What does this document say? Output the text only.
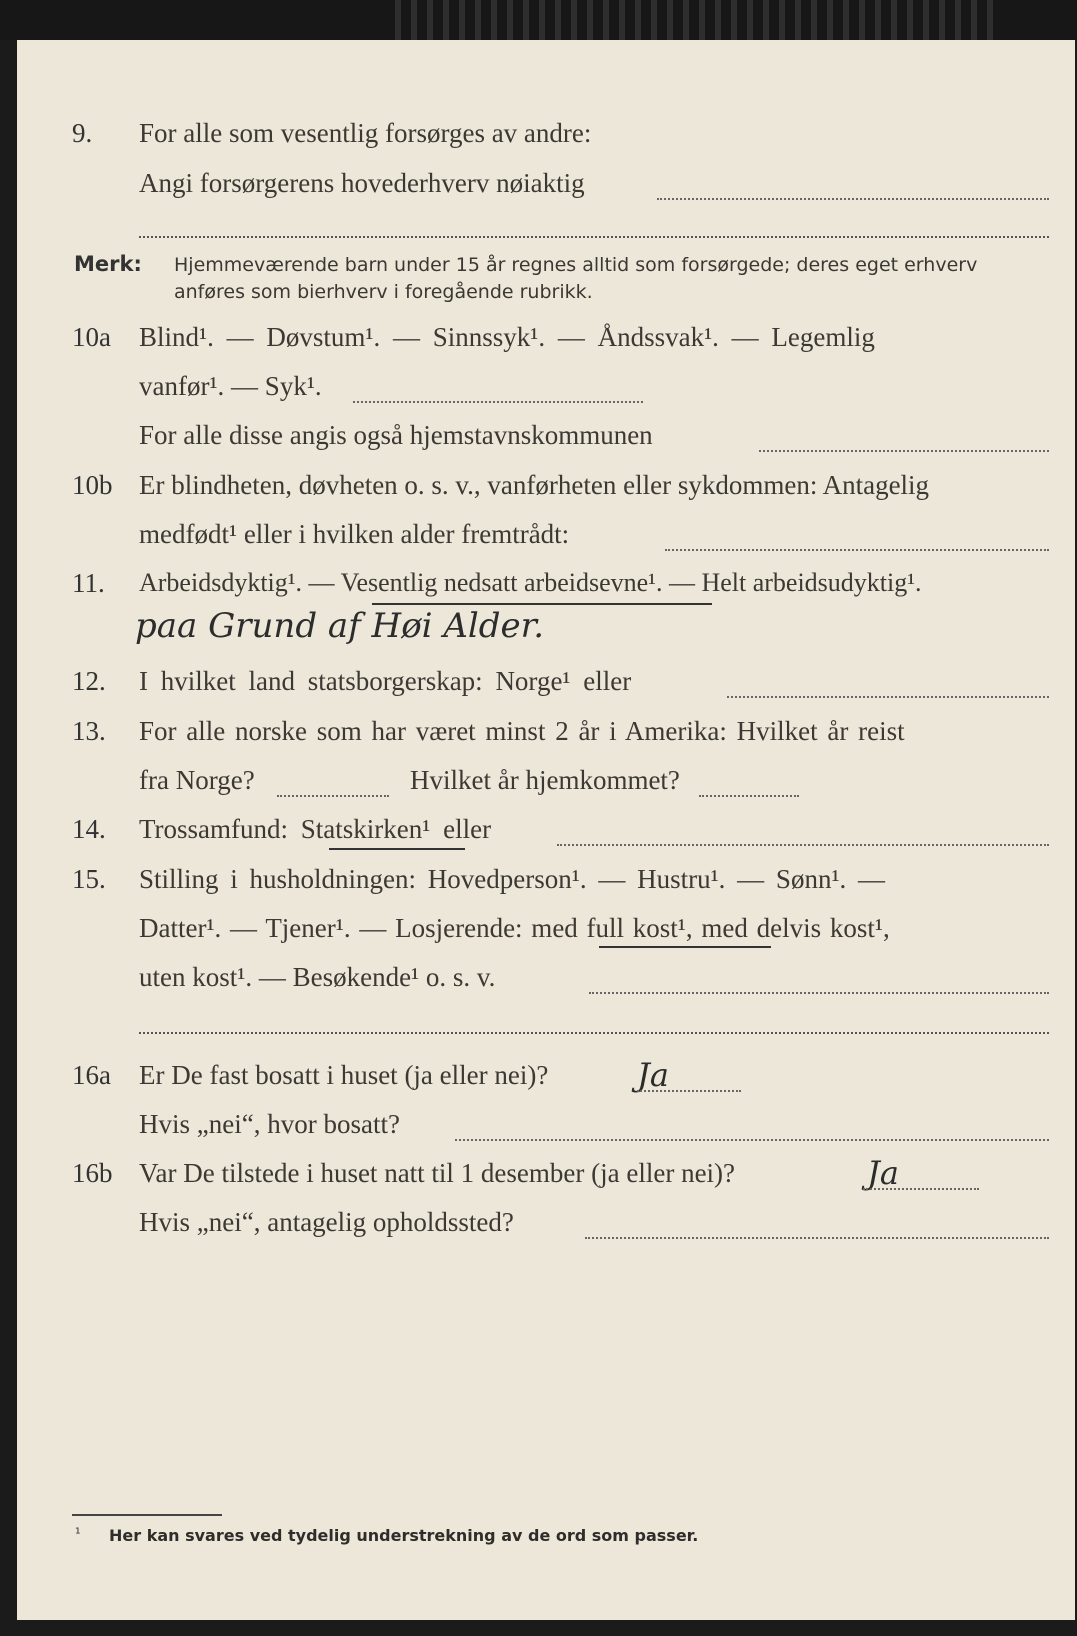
9. For alle som vesentlig forsørges av andre:
Angi forsørgerens hovederhverv nøiaktig
Merk: Hjemmeværende barn under 15 år regnes alltid som forsørgede; deres eget erhverv
anføres som bierhverv i foregående rubrikk.
10a Blind¹. — Døvstum¹. — Sinnssyk¹. — Åndssvak¹. — Legemlig
vanfør¹. — Syk¹.
For alle disse angis også hjemstavnskommunen
10b Er blindheten, døvheten o. s. v., vanførheten eller sykdommen: Antagelig
medfødt¹ eller i hvilken alder fremtrådt:
11. Arbeidsdyktig¹. — Vesentlig nedsatt arbeidsevne¹. — Helt arbeidsudyktig¹.
paa Grund af Høi Alder.
12. I hvilket land statsborgerskap: Norge¹ eller
13. For alle norske som har været minst 2 år i Amerika: Hvilket år reist
fra Norge?	Hvilket år hjemkommet?
14. Trossamfund: Statskirken¹ eller
15. Stilling i husholdningen: Hovedperson¹. — Hustru¹. — Sønn¹. —
Datter¹. — Tjener¹. — Losjerende: med full kost¹, med delvis kost¹,
uten kost¹. — Besøkende¹ o. s. v.
16a Er De fast bosatt i huset (ja eller nei)?	Ja
Hvis „nei“, hvor bosatt?
16b Var De tilstede i huset natt til 1 desember (ja eller nei)?	Ja
Hvis „nei“, antagelig opholdssted?
¹ Her kan svares ved tydelig understrekning av de ord som passer.
